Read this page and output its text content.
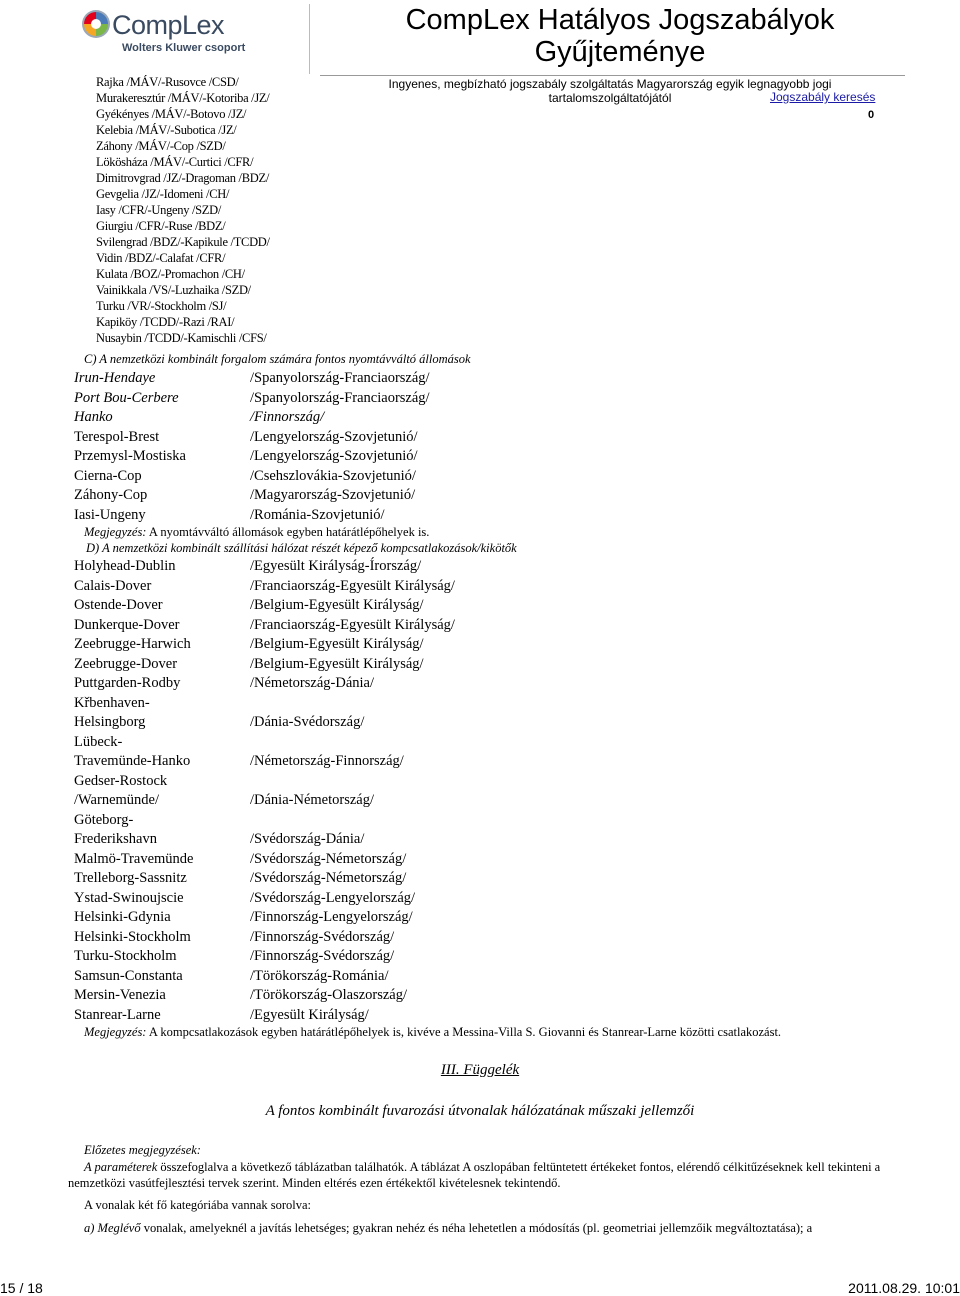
CompLex
Wolters Kluwer csoport
CompLex Hatályos Jogszabályok
Gyűjteménye
Ingyenes, megbízható jogszabály szolgáltatás Magyarország egyik legnagyobb jogi
tartalomszolgáltatójától	Jogszabály keresés
0
Rajka /MÁV/-Rusovce /CSD/
Murakeresztúr /MÁV/-Kotoriba /JZ/
Gyékényes /MÁV/-Botovo /JZ/
Kelebia /MÁV/-Subotica /JZ/
Záhony /MÁV/-Cop /SZD/
Lökösháza /MÁV/-Curtici /CFR/
Dimitrovgrad /JZ/-Dragoman /BDZ/
Gevgelia /JZ/-Idomeni /CH/
Iasy /CFR/-Ungeny /SZD/
Giurgiu /CFR/-Ruse /BDZ/
Svilengrad /BDZ/-Kapikule /TCDD/
Vidin /BDZ/-Calafat /CFR/
Kulata /BOZ/-Promachon /CH/
Vainikkala /VS/-Luzhaika /SZD/
Turku /VR/-Stockholm /SJ/
Kapiköy /TCDD/-Razi /RAI/
Nusaybin /TCDD/-Kamischli /CFS/
C) A nemzetközi kombinált forgalom számára fontos nyomtávváltó állomások
Irun-Hendaye	/Spanyolország-Franciaország/
Port Bou-Cerbere	/Spanyolország-Franciaország/
Hanko	/Finnország/
Terespol-Brest	/Lengyelország-Szovjetunió/
Przemysl-Mostiska	/Lengyelország-Szovjetunió/
Cierna-Cop	/Csehszlovákia-Szovjetunió/
Záhony-Cop	/Magyarország-Szovjetunió/
Iasi-Ungeny	/Románia-Szovjetunió/
Megjegyzés: A nyomtávváltó állomások egyben határátlépőhelyek is.
D) A nemzetközi kombinált szállítási hálózat részét képező kompcsatlakozások/kikötők
Holyhead-Dublin	/Egyesült Királyság-Írország/
Calais-Dover	/Franciaország-Egyesült Királyság/
Ostende-Dover	/Belgium-Egyesült Királyság/
Dunkerque-Dover	/Franciaország-Egyesült Királyság/
Zeebrugge-Harwich	/Belgium-Egyesült Királyság/
Zeebrugge-Dover	/Belgium-Egyesült Királyság/
Puttgarden-Rodby	/Németország-Dánia/
Křbenhaven-
Helsingborg	/Dánia-Svédország/
Lübeck-
Travemünde-Hanko	/Németország-Finnország/
Gedser-Rostock
/Warnemünde/	/Dánia-Németország/
Göteborg-
Frederikshavn	/Svédország-Dánia/
Malmö-Travemünde	/Svédország-Németország/
Trelleborg-Sassnitz	/Svédország-Németország/
Ystad-Swinoujscie	/Svédország-Lengyelország/
Helsinki-Gdynia	/Finnország-Lengyelország/
Helsinki-Stockholm	/Finnország-Svédország/
Turku-Stockholm	/Finnország-Svédország/
Samsun-Constanta	/Törökország-Románia/
Mersin-Venezia	/Törökország-Olaszország/
Stanrear-Larne	/Egyesült Királyság/
Megjegyzés: A kompcsatlakozások egyben határátlépőhelyek is, kivéve a Messina-Villa S. Giovanni és Stanrear-Larne közötti csatlakozást.
III. Függelék
A fontos kombinált fuvarozási útvonalak hálózatának műszaki jellemzői
Előzetes megjegyzések:
A paraméterek összefoglalva a következő táblázatban találhatók. A táblázat A oszlopában feltüntetett értékeket fontos, elérendő célkitűzéseknek kell tekinteni a nemzetközi vasútfejlesztési tervek szerint. Minden eltérés ezen értékektől kivételesnek tekintendő.
A vonalak két fő kategóriába vannak sorolva:
a) Meglévő vonalak, amelyeknél a javítás lehetséges; gyakran nehéz és néha lehetetlen a módosítás (pl. geometriai jellemzőik megváltoztatása); a
15 / 18	2011.08.29. 10:01
